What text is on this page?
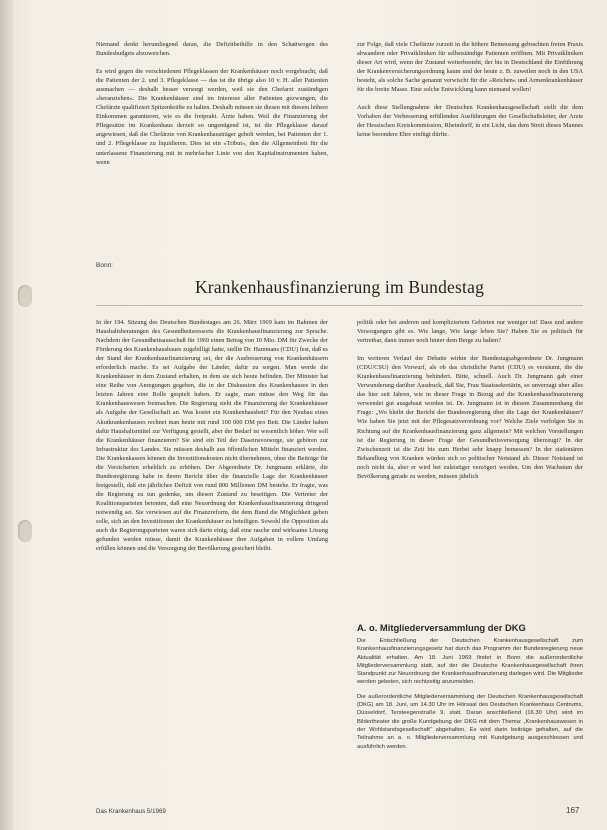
Niemand denkt herumliegend daran, die Defizitbeihilfe in den Schattwogen des Bundesbudgets abzuweichen.

Es wird gegen die verschiedenen Pflegeklassen der Krankenhäuser noch vorgebracht, daß die Patienten der 2. und 3. Pflegeklasse — das ist die übrige also 10 v. H. aller Patienten ausmachen — deshalb besser versorgt werden, weil sie den Chefarzt zuständigen »heranziehen«. Die Krankenhäuser sind im Interesse aller Patienten gezwungen, die Chefärzte qualifiziert Spitzenkräfte zu halten. Deshalb müssen sie diesen mit diesem höhere Einkommen garantieren, wie es die freiprakt. Ärzte haben. Weil die Finanzierung der Pflegesätze im Krankenhaus derzeit so ungenügend ist, ist die Pflegeklasse darauf angewiesen, daß die Chefärzte von Krankenhausträger geholt werden, bei Patienten der 1. und 2. Pflegeklasse zu liquidieren. Dies ist ein »Tribut«, den die Allgemeinheit für die unterlassene Finanzierung mit in mehrfacher Linie von den Kapitalinstrumenten haben, wenn

zur Folge, daß viele Chefärzte zurzeit in die höhere Bemessung gebrachten freien Praxis abwandern oder Privatkliniken für selbstständige Patienten eröffnen. Mit Privatkliniken dieser Art wird, wenn der Zustand weiterbesteht, der bis in Deutschland die Einführung der Krankenversicherungsordnung kaum und der heute z. B. zuweilen noch in den USA besteht, als solche Sache genannt verwischt für die »Reichen« und Armenkrankenhäuser für die breite Masse. Eine solche Entwicklung kann niemand wollen!

Auch diese Stellungnahme der Deutschen Krankenhausgesellschaft stellt die dem Vorhaben der Verbesserung erfüllenden Ausführungen der Gesellschaftsleiter, der Arzte der Hessischen Kreiskommission, Rheindorff, in ein Licht, das dem Streit dieses Mannes keine besondere Ehre einfügt dürfte.

Bonn:
Krankenhausfinanzierung im Bundestag

In der 194. Sitzung des Deutschen Bundestages am 26. März 1969 kam im Rahmen der Haushaltsberatungen des Gesundheitsressorts die Krankenhausfinanzierung zur Sprache. Nachdem der Gesundheitsausschuß für 1969 einen Betrag von 10 Mio. DM für Zwecke der Förderung des Krankenhausbaues zugebilligt hatte, stellte Dr. Hammans (CDU) fest, daß es der Stand der Krankenhausfinanzierung sei, der die Ausbesserung von Krankenhäusern erforderlich mache. Es sei Aufgabe der Länder, dafür zu sorgen. Man werde die Krankenhäuser in dem Zustand erhalten, in dem sie sich heute befinden. Der Minister hat eine Reihe von Anregungen gegeben, die in der Diskussion des Krankenhauses in den letzten Jahren eine Rolle gespielt haben. Er sagte, man müsse den Weg für das Krankenhauswesen freimachen. Die Regierung sieht die Finanzierung der Krankenhäuser als Aufgabe der Gesellschaft an. Was kostet ein Krankenhausbett? Für den Neubau eines Akutkrankenhauses rechnet man heute mit rund 100 000 DM pro Bett. Die Länder haben dafür Haushaltsmittel zur Verfügung gestellt, aber der Bedarf ist wesentlich höher. Wer soll die Krankenhäuser finanzieren? Sie sind ein Teil der Daseinsvorsorge, sie gehören zur Infrastruktur des Landes. Sie müssen deshalb aus öffentlichen Mitteln finanziert werden. Die Krankenkassen können die Investitionskosten nicht übernehmen, ohne die Beiträge für die Versicherten erheblich zu erhöhen. Der Abgeordnete Dr. Jungmann erklärte, die Bundesregierung habe in ihrem Bericht über die finanzielle Lage der Krankenhäuser festgestellt, daß ein jährliches Defizit von rund 800 Millionen DM bestehe. Er fragte, was die Regierung zu tun gedenke, um diesen Zustand zu beseitigen. Die Vertreter der Koalitionsparteien betonten, daß eine Neuordnung der Krankenhausfinanzierung dringend notwendig sei. Sie verwiesen auf die Finanzreform, die dem Bund die Möglichkeit geben solle, sich an den Investitionen der Krankenhäuser zu beteiligen. Sowohl die Opposition als auch die Regierungsparteien waren sich darin einig, daß eine rasche und wirksame Lösung gefunden werden müsse, damit die Krankenhäuser ihre Aufgaben in vollem Umfang erfüllen können und die Versorgung der Bevölkerung gesichert bleibt.

politik oder bei anderen und kompliziertem Gebieten nur weniger ist! Dass und andere Versorgungen gibt es. Wie lange, Wie lange leben Sie? Haben Sie es politisch für vertretbar, dann immer noch hinter dem Berge zu halten?

Im weiteren Verlauf der Debatte wirkte der Bundestagsabgeordnete Dr. Jungmann (CDU/CSU) den Vorwurf, als ob das christliche Partei (CDU) es versäumt, die die Krankenhausfinanzierung behindert. Bitte, schnell. Auch Dr. Jungmann gab einer Verwunderung darüber Ausdruck, daß Sie, Frau Staatssekretärin, so unverzagt uber alles das hier seit Jahren, wie in dieser Frage in Bezug auf die Krankenhausfinanzierung verwendet gut ausgebaut worden ist. Dr. Jungmann ist in diesem Zusammenhang die Frage: „Wo bleibt der Bericht der Bundesregierung über die Lage der Krankenhäuser? Wie haben Sie jetzt mit der Pflegesatzverordnung vor? Welche Ziele verfolgen Sie in Richtung auf die Krankenhausfinanzierung ganz allgemein? Mit welchen Vorstellungen ist die Regierung in dieser Frage der Gesundheitsversorgung überzeugt? In der Zwischenzeit ist die Zeit bis zum Herbst sehr knapp bemessen? In der stationären Behandlung von Kranken würden sich so politischer Notstand ab. Dieser Notstand ist noch nicht da, aber er wird bei zuleistiger verzögert werden. Um den Wachstum der Bevölkerung gerade zu werden, müssen jährlich

A. o. Mitgliederversammlung der DKG

Die Entschließung der Deutschen Krankenhausgesellschaft zum Krankenhausfinanzierungsgesetz hat durch das Programm der Bundesregierung neue Aktualität erhalten. Am 18. Juni 1969 findet in Bonn die außerordentliche Mitgliederversammlung statt, auf der die Deutsche Krankenhausgesellschaft ihren Standpunkt zur Neuordnung der Krankenhausfinanzierung darlegen wird. Die Mitglieder werden gebeten, sich rechtzeitig anzumelden.

Die außerordentliche Mitgliederversammlung der Deutschen Krankenhausgesellschaft (DKG) am 18. Juni, um 14.30 Uhr im Hörsaal des Deutschen Krankenhaus Centrums, Düsseldorf, Tersteegenstraße 9, statt. Daran anschließend (16.30 Uhr) wird im Bildertheater die große Kundgebung der DKG mit dem Thema: „Krankenhauswesen in der Wohlstandsgesellschaft“ abgehalten. Es wird darin beiträge gehalten, auf die Teilnahme an a. o. Mitgliederversammlung mit Kundgebung ausgeschlossen und ausführlich werden.

Das Krankenhaus 5/1969	167
